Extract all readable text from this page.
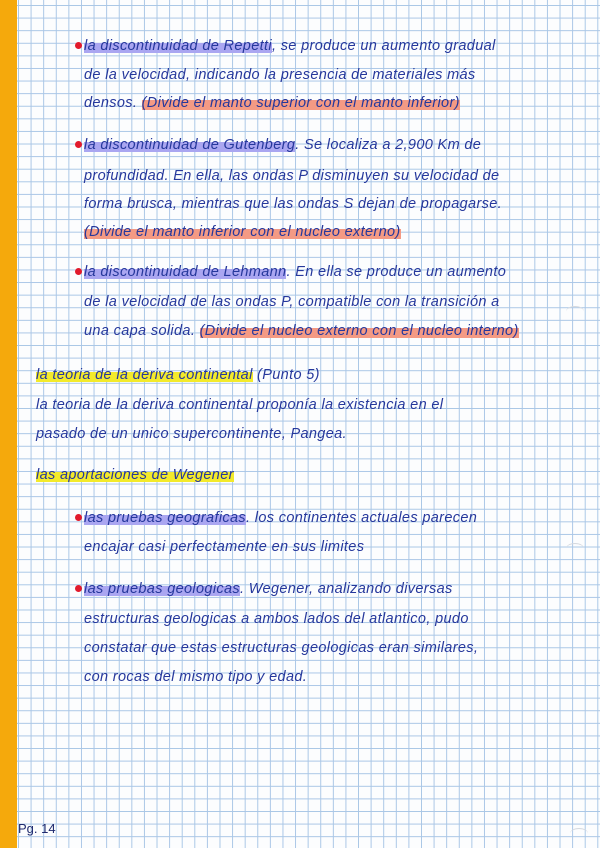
la discontinuidad de Repetti, se produce un aumento gradual
de la velocidad, indicando la presencia de materiales más
densos. (Divide el manto superior con el manto inferior)
la discontinuidad de Gutenberg. Se localiza a 2,900 Km de
profundidad. En ella, las ondas P disminuyen su velocidad de
forma brusca, mientras que las ondas S dejan de propagarse.
(Divide el manto inferior con el nucleo externo)
la discontinuidad de Lehmann. En ella se produce un aumento
de la velocidad de las ondas P, compatible con la transición a
una capa solida. (Divide el nucleo externo con el nucleo interno)
la teoria de la deriva continental (Punto 5)
la teoria de la deriva continental proponía la existencia en el
pasado de un unico supercontinente, Pangea.
las aportaciones de Wegener
las pruebas geograficas. los continentes actuales parecen
encajar casi perfectamente en sus limites
las pruebas geologicas. Wegener, analizando diversas
estructuras geologicas a ambos lados del atlantico, pudo
constatar que estas estructuras geologicas eran similares,
con rocas del mismo tipo y edad.
Pg. 14
